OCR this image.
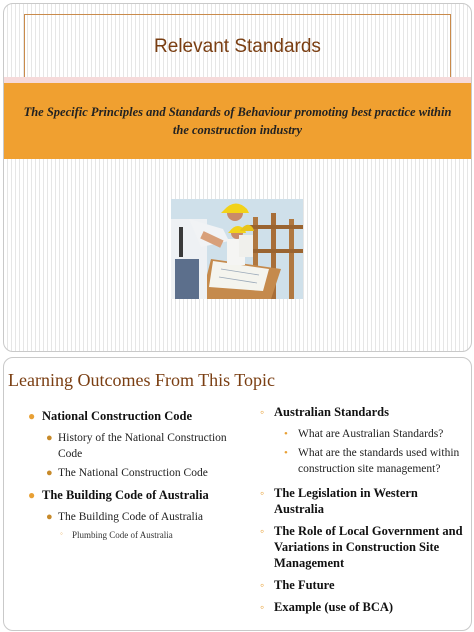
Relevant Standards
The Specific Principles and Standards of Behaviour promoting best practice within the construction industry
Learning Outcomes From This Topic
● National Construction Code
● History of the National Construction Code
● The National Construction Code
● The Building Code of Australia
● The Building Code of Australia
◦ Plumbing Code of Australia
◦ Australian Standards
• What are Australian Standards?
• What are the standards used within construction site management?
◦ The Legislation in Western Australia
◦ The Role of Local Government and Variations in Construction Site Management
◦ The Future
◦ Example (use of BCA)
